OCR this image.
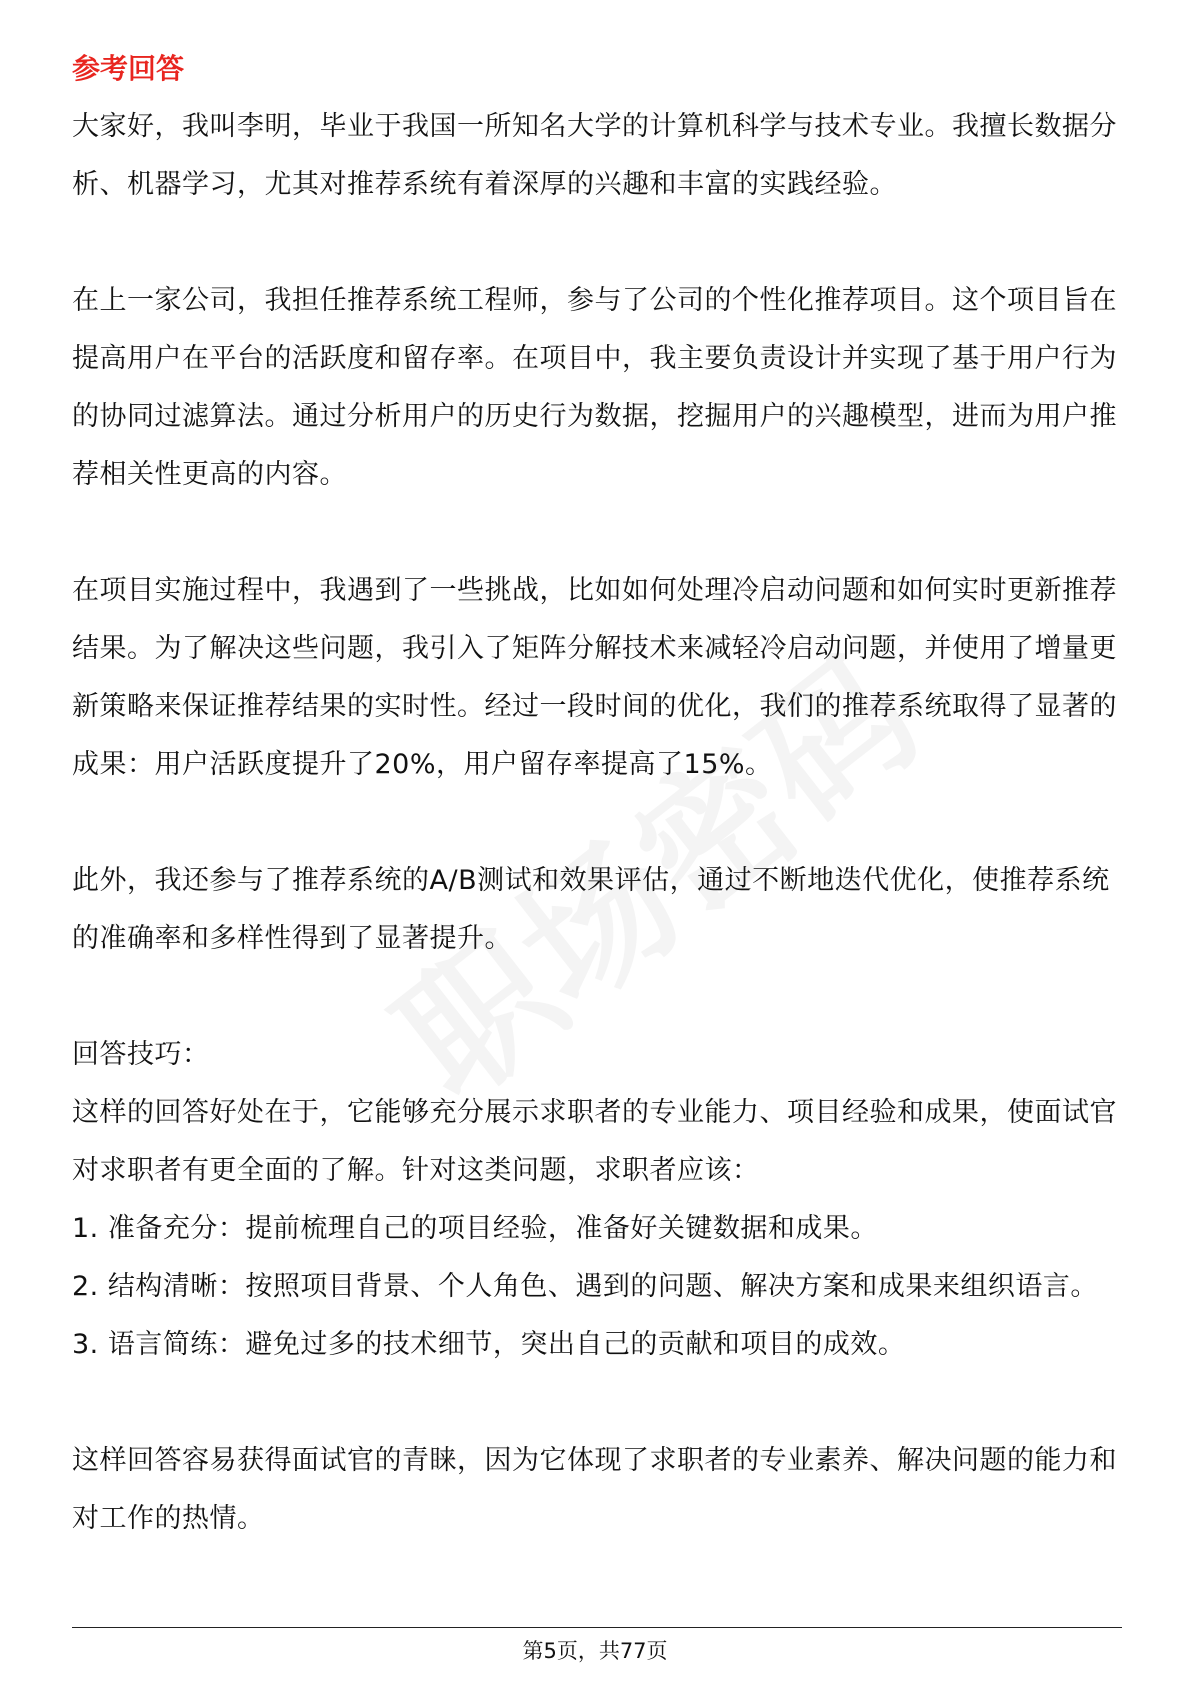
参考回答

大家好，我叫李明，毕业于我国一所知名大学的计算机科学与技术专业。我擅长数据分析、机器学习，尤其对推荐系统有着深厚的兴趣和丰富的实践经验。

在上一家公司，我担任推荐系统工程师，参与了公司的个性化推荐项目。这个项目旨在提高用户在平台的活跃度和留存率。在项目中，我主要负责设计并实现了基于用户行为的协同过滤算法。通过分析用户的历史行为数据，挖掘用户的兴趣模型，进而为用户推荐相关性更高的内容。

在项目实施过程中，我遇到了一些挑战，比如如何处理冷启动问题和如何实时更新推荐结果。为了解决这些问题，我引入了矩阵分解技术来减轻冷启动问题，并使用了增量更新策略来保证推荐结果的实时性。经过一段时间的优化，我们的推荐系统取得了显著的成果：用户活跃度提升了20%，用户留存率提高了15%。

此外，我还参与了推荐系统的A/B测试和效果评估，通过不断地迭代优化，使推荐系统的准确率和多样性得到了显著提升。

回答技巧：

这样的回答好处在于，它能够充分展示求职者的专业能力、项目经验和成果，使面试官对求职者有更全面的了解。针对这类问题，求职者应该：

1. 准备充分：提前梳理自己的项目经验，准备好关键数据和成果。

2. 结构清晰：按照项目背景、个人角色、遇到的问题、解决方案和成果来组织语言。

3. 语言简练：避免过多的技术细节，突出自己的贡献和项目的成效。

这样回答容易获得面试官的青睐，因为它体现了求职者的专业素养、解决问题的能力和对工作的热情。

第5页，共77页
